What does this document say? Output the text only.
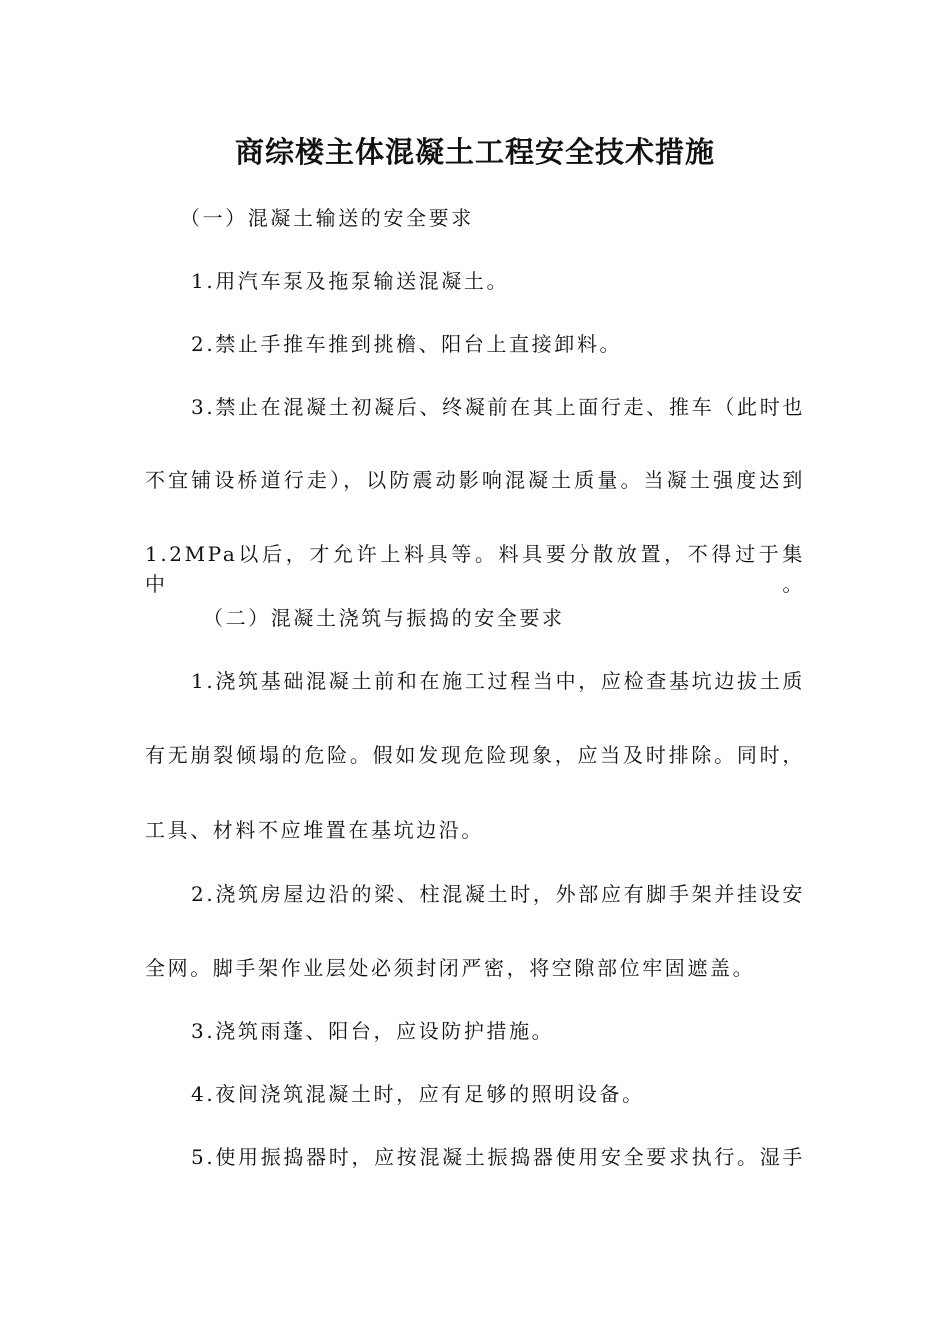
商综楼主体混凝土工程安全技术措施
（一）混凝土输送的安全要求
1.用汽车泵及拖泵输送混凝土。
2.禁止手推车推到挑檐、阳台上直接卸料。
3.禁止在混凝土初凝后、终凝前在其上面行走、推车（此时也
不宜铺设桥道行走），以防震动影响混凝土质量。当凝土强度达到
1.2MPa以后，才允许上料具等。料具要分散放置，不得过于集中。
（二）混凝土浇筑与振捣的安全要求
1.浇筑基础混凝土前和在施工过程当中，应检查基坑边拔土质
有无崩裂倾塌的危险。假如发现危险现象，应当及时排除。同时，
工具、材料不应堆置在基坑边沿。
2.浇筑房屋边沿的梁、柱混凝土时，外部应有脚手架并挂设安
全网。脚手架作业层处必须封闭严密，将空隙部位牢固遮盖。
3.浇筑雨蓬、阳台，应设防护措施。
4.夜间浇筑混凝土时，应有足够的照明设备。
5.使用振捣器时，应按混凝土振捣器使用安全要求执行。湿手
